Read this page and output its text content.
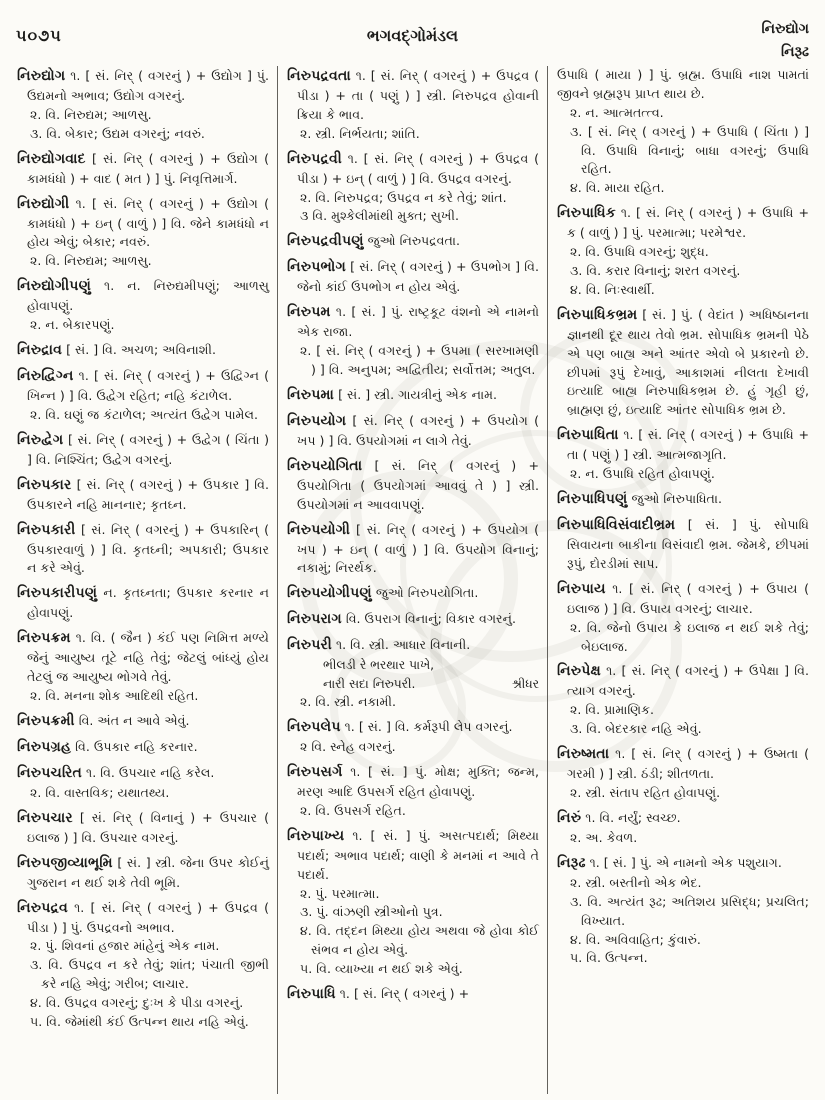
૫૦૭૫	ભગવદ્ગોમંડલ	નિરુદ્યોગ
નિરૂઢ

નિરુદ્યોગ ૧. [ સં. નિર્ ( વગરનું ) + ઉદ્યોગ ] પું. ઉદ્યમનો અભાવ; ઉદ્યોગ વગરનું.

૨. વિ. નિરુદ્યમ; આળસુ.

૩. વિ. બેકાર; ઉદ્યમ વગરનું; નવરું.

નિરુદ્યોગવાદ [ સં. નિર્ ( વગરનું ) + ઉદ્યોગ ( કામધંધો ) + વાદ ( મત ) ] પું. નિવૃત્તિમાર્ગ.

નિરુદ્યોગી ૧. [ સં. નિર્ ( વગરનું ) + ઉદ્યોગ ( કામધંધો ) + ઇન્ ( વાળું ) ] વિ. જેને કામધંધો ન હોય એવું; બેકાર; નવરું.

૨. વિ. નિરુદ્યમ; આળસુ.

નિરુદ્યોગીપણું ૧. ન. નિરુદ્યમીપણું; આળસુ હોવાપણું.

૨. ન. બેકારપણું.

નિરુદ્રાવ [ સં. ] વિ. અચળ; અવિનાશી.

નિરુદ્વિગ્ન ૧. [ સં. નિર્ ( વગરનું ) + ઉદ્વિગ્ન ( ખિન્ન ) ] વિ. ઉદ્વેગ રહિત; નહિ કંટાળેલ.

૨. વિ. ઘણું જ કંટાળેલ; અત્યંત ઉદ્વેગ પામેલ.

નિરુદ્વેગ [ સં. નિર્ ( વગરનું ) + ઉદ્વેગ ( ચિંતા ) ] વિ. નિશ્ચિંત; ઉદ્વેગ વગરનું.

નિરુપકાર [ સં. નિર્ ( વગરનું ) + ઉપકાર ] વિ. ઉપકારને નહિ માનનાર; કૃતઘ્ન.

નિરુપકારી [ સં. નિર્ ( વગરનું ) + ઉપકારિન્ ( ઉપકારવાળું ) ] વિ. કૃતઘ્ની; અપકારી; ઉપકાર ન કરે એવું.

નિરુપકારીપણું ન. કૃતઘ્નતા; ઉપકાર કરનાર ન હોવાપણું.

નિરુપક્રમ ૧. વિ. ( જૈન ) કંઈ પણ નિમિત્ત મળ્યે જેનું આયુષ્ય તૂટે નહિ તેવું; જેટલું બાંધ્યું હોય તેટલું જ આયુષ્ય ભોગવે તેવું.

૨. વિ. મનના શોક આદિથી રહિત.

નિરુપક્રમી વિ. અંત ન આવે એવું.

નિરુપગ્રહ વિ. ઉપકાર નહિ કરનાર.

નિરુપચરિત ૧. વિ. ઉપચાર નહિ કરેલ.

૨. વિ. વાસ્તવિક; યથાતથ્ય.

નિરુપચાર [ સં. નિર્ ( વિનાનું ) + ઉપચાર ( ઇલાજ ) ] વિ. ઉપચાર વગરનું.

નિરુપજીવ્યાભૂમિ [ સં. ] સ્ત્રી. જેના ઉપર કોઈનું ગુજરાન ન થઈ શકે તેવી ભૂમિ.

નિરુપદ્રવ ૧. [ સં. નિર્ ( વગરનું ) + ઉપદ્રવ ( પીડા ) ] પું. ઉપદ્રવનો અભાવ.

૨. પું. શિવનાં હજાર માંહેનું એક નામ.

૩. વિ. ઉપદ્રવ ન કરે તેવું; શાંત; પંચાતી જીભી કરે નહિ એવું; ગરીબ; લાચાર.

૪. વિ. ઉપદ્રવ વગરનું; દુઃખ કે પીડા વગરનું.

૫. વિ. જેમાંથી કંઈ ઉત્પન્ન થાય નહિ એવું.

નિરુપદ્રવતા ૧. [ સં. નિર્ ( વગરનું ) + ઉપદ્રવ ( પીડા ) + તા ( પણું ) ] સ્ત્રી. નિરુપદ્રવ હોવાની ક્રિયા કે ભાવ.

૨. સ્ત્રી. નિર્ભયતા; શાંતિ.

નિરુપદ્રવી ૧. [ સં. નિર્ ( વગરનું ) + ઉપદ્રવ ( પીડા ) + ઇન્ ( વાળું ) ] વિ. ઉપદ્રવ વગરનું.

૨. વિ. નિરુપદ્રવ; ઉપદ્રવ ન કરે તેવું; શાંત.

૩ વિ. મુશ્કેલીમાંથી મુક્ત; સુખી.

નિરુપદ્રવીપણું જુઓ નિરુપદ્રવતા.

નિરુપભોગ [ સં. નિર્ ( વગરનું ) + ઉપભોગ ] વિ. જેનો કાંઈ ઉપભોગ ન હોય એવું.

નિરુપમ ૧. [ સં. ] પું. રાષ્ટ્રકૂટ વંશનો એ નામનો એક રાજા.

૨. [ સં. નિર્ ( વગરનું ) + ઉપમા ( સરખામણી ) ] વિ. અનુપમ; અદ્વિતીય; સર્વોત્તમ; અતુલ.

નિરુપમા [ સં. ] સ્ત્રી. ગાયત્રીનું એક નામ.

નિરુપયોગ [ સં. નિર્ ( વગરનું ) + ઉપયોગ ( ખપ ) ] વિ. ઉપયોગમાં ન લાગે તેવું.

નિરુપયોગિતા [ સં. નિર્ ( વગરનું ) + ઉપયોગિતા ( ઉપયોગમાં આવવું તે ) ] સ્ત્રી. ઉપયોગમાં ન આવવાપણું.

નિરુપયોગી [ સં. નિર્ ( વગરનું ) + ઉપયોગ ( ખપ ) + ઇન્ ( વાળું ) ] વિ. ઉપયોગ વિનાનું; નકામું; નિરર્થક.

નિરુપયોગીપણું જુઓ નિરુપયોગિતા.

નિરુપરાગ વિ. ઉપરાગ વિનાનું; વિકાર વગરનું.

નિરુપરી ૧. વિ. સ્ત્રી. આધાર વિનાની.

ભીલડી રે ભરથાર પાખે,
નારી સદા નિરુપરી.	શ્રીધર

૨. વિ. સ્ત્રી. નકામી.

નિરુપલેપ ૧. [ સં. ] વિ. કર્મરૂપી લેપ વગરનું.

૨ વિ. સ્નેહ વગરનું.

નિરુપસર્ગ ૧. [ સં. ] પું. મોક્ષ; મુક્તિ; જન્મ, મરણ આદિ ઉપસર્ગ રહિત હોવાપણું.

૨. વિ. ઉપસર્ગ રહિત.

નિરુપાખ્ય ૧. [ સં. ] પું. અસત્પદાર્થ; મિથ્યા પદાર્થ; અભાવ પદાર્થ; વાણી કે મનમાં ન આવે તે પદાર્થ.

૨. પું. પરમાત્મા.

૩. પું. વાંઝણી સ્ત્રીઓનો પુત્ર.

૪. વિ. તદ્દન મિથ્યા હોય અથવા જે હોવા કોઈ સંભવ ન હોય એવું.

૫. વિ. વ્યાખ્યા ન થઈ શકે એવું.

નિરુપાધિ ૧. [ સં. નિર્ ( વગરનું ) +

ઉપાધિ ( માયા ) ] પું. બ્રહ્મ. ઉપાધિ નાશ પામતાં જીવને બ્રહ્મરૂપ પ્રાપ્ત થાય છે.

૨. ન. આત્મતત્ત્વ.

૩. [ સં. નિર્ ( વગરનું ) + ઉપાધિ ( ચિંતા ) ] વિ. ઉપાધિ વિનાનું; બાધા વગરનું; ઉપાધિ રહિત.

૪. વિ. માયા રહિત.

નિરુપાધિક ૧. [ સં. નિર્ ( વગરનું ) + ઉપાધિ + ક ( વાળું ) ] પું. પરમાત્મા; પરમેશ્વર.

૨. વિ. ઉપાધિ વગરનું; શુદ્ધ.

૩. વિ. કરાર વિનાનું; શરત વગરનું.

૪. વિ. નિઃસ્વાર્થી.

નિરુપાધિકભ્રમ [ સં. ] પું. ( વેદાંત ) અધિષ્ઠાનના જ્ઞાનથી દૂર થાય તેવો ભ્રમ. સોપાધિક ભ્રમની પેઠે એ પણ બાહ્ય અને આંતર એવો બે પ્રકારનો છે. છીપમાં રૂપું દેખાવું, આકાશમાં નીલતા દેખાવી ઇત્યાદિ બાહ્ય નિરુપાધિકભ્રમ છે. હું ગૃહી છું, બ્રાહ્મણ છું, ઇત્યાદિ આંતર સોપાધિક ભ્રમ છે.

નિરુપાધિતા ૧. [ સં. નિર્ ( વગરનું ) + ઉપાધિ + તા ( પણું ) ] સ્ત્રી. આત્મજાગૃતિ.

૨. ન. ઉપાધિ રહિત હોવાપણું.

નિરુપાધિપણું જુઓ નિરુપાધિતા.

નિરુપાધિવિસંવાદીભ્રમ [ સં. ] પું. સોપાધિ સિવાયના બાકીના વિસંવાદી ભ્રમ. જેમકે, છીપમાં રૂપું, દોરડીમાં સાપ.

નિરુપાય ૧. [ સં. નિર્ ( વગરનું ) + ઉપાય ( ઇલાજ ) ] વિ. ઉપાય વગરનું; લાચાર.

૨. વિ. જેનો ઉપાય કે ઇલાજ ન થઈ શકે તેવું; બેઇલાજ.

નિરુપેક્ષ ૧. [ સં. નિર્ ( વગરનું ) + ઉપેક્ષા ] વિ. ત્યાગ વગરનું.

૨. વિ. પ્રામાણિક.

૩. વિ. બેદરકાર નહિ એવું.

નિરુષ્મતા ૧. [ સં. નિર્ ( વગરનું ) + ઉષ્મતા ( ગરમી ) ] સ્ત્રી. ઠંડી; શીતળતા.

૨. સ્ત્રી. સંતાપ રહિત હોવાપણું.

નિરું ૧. વિ. નર્યું; સ્વચ્છ.

૨. અ. કેવળ.

નિરૂઢ ૧. [ સં. ] પું. એ નામનો એક પશુયાગ.

૨. સ્ત્રી. બસ્તીનો એક ભેદ.

૩. વિ. અત્યંત રૂઢ; અતિશય પ્રસિદ્ધ; પ્રચલિત; વિખ્યાત.

૪. વિ. અવિવાહિત; કુંવારું.

૫. વિ. ઉત્પન્ન.
